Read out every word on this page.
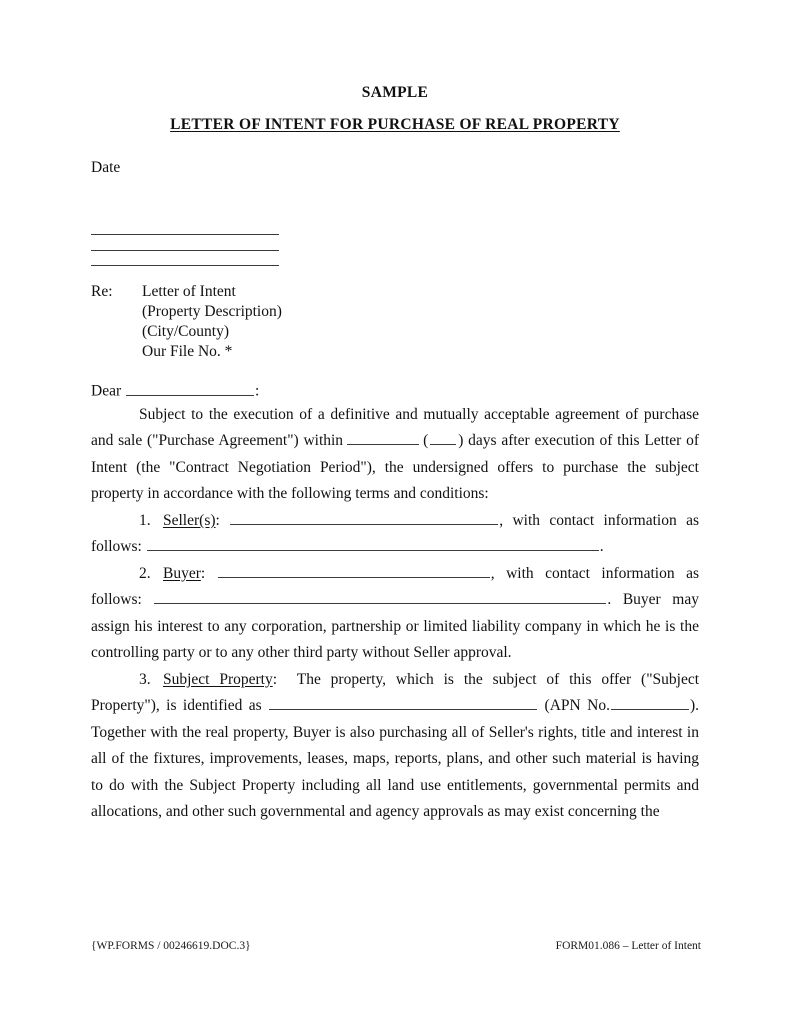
SAMPLE
LETTER OF INTENT FOR PURCHASE OF REAL PROPERTY
Date
Re:	Letter of Intent
(Property Description)
(City/County)
Our File No. *
Dear	:

Subject to the execution of a definitive and mutually acceptable agreement of purchase and sale ("Purchase Agreement") within	( ) days after execution of this Letter of Intent (the "Contract Negotiation Period"), the undersigned offers to purchase the subject property in accordance with the following terms and conditions:

1. Seller(s):	, with contact information as follows:	.

2. Buyer:	, with contact information as follows:	. Buyer may assign his interest to any corporation, partnership or limited liability company in which he is the controlling party or to any other third party without Seller approval.

3. Subject Property: The property, which is the subject of this offer ("Subject Property"), is identified as	(APN No.	). Together with the real property, Buyer is also purchasing all of Seller's rights, title and interest in all of the fixtures, improvements, leases, maps, reports, plans, and other such material is having to do with the Subject Property including all land use entitlements, governmental permits and allocations, and other such governmental and agency approvals as may exist concerning the

{WP.FORMS / 00246619.DOC.3}	FORM01.086 – Letter of Intent
